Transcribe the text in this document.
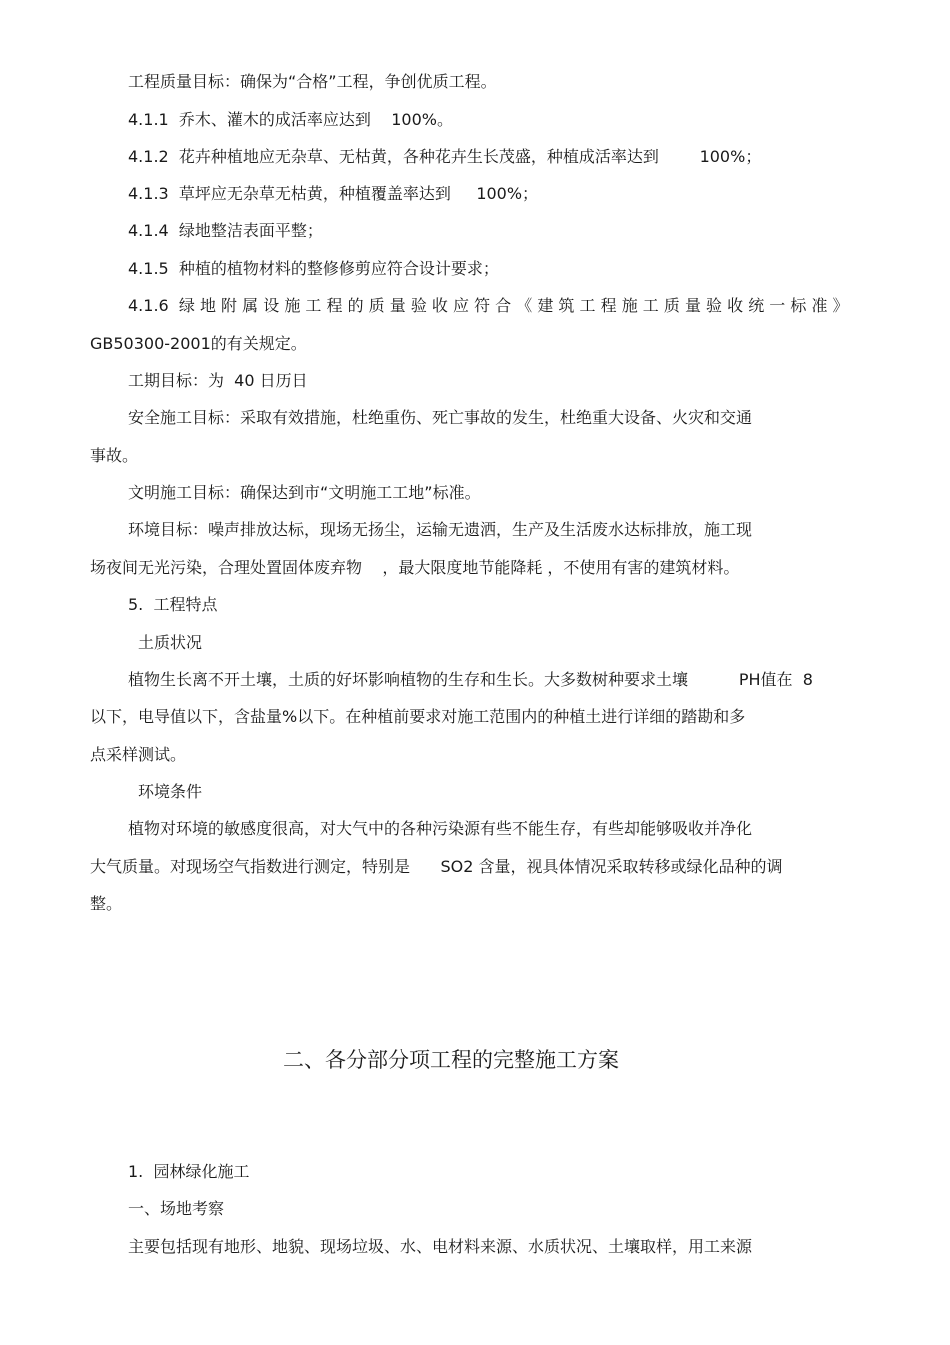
工程质量目标：确保为“合格”工程，争创优质工程。
4.1.1  乔木、灌木的成活率应达到    100%。
4.1.2  花卉种植地应无杂草、无枯黄，各种花卉生长茂盛，种植成活率达到        100%；
4.1.3  草坪应无杂草无枯黄，种植覆盖率达到     100%；
4.1.4  绿地整洁表面平整；
4.1.5  种植的植物材料的整修修剪应符合设计要求；
4.1.6  绿 地 附 属 设 施 工 程 的 质 量 验 收 应 符 合 《 建 筑 工 程 施 工 质 量 验 收 统 一 标 准 》
GB50300-2001的有关规定。
工期目标：为  40 日历日
安全施工目标：采取有效措施，杜绝重伤、死亡事故的发生，杜绝重大设备、火灾和交通
事故。
文明施工目标：确保达到市“文明施工工地”标准。
环境目标：噪声排放达标，现场无扬尘，运输无遗洒，生产及生活废水达标排放，施工现
场夜间无光污染，合理处置固体废弃物    ，最大限度地节能降耗 ，不使用有害的建筑材料。
5.  工程特点
土质状况
植物生长离不开土壤，土质的好坏影响植物的生存和生长。大多数树种要求土壤          PH值在  8
以下，电导值以下，含盐量%以下。在种植前要求对施工范围内的种植土进行详细的踏勘和多
点采样测试。
环境条件
植物对环境的敏感度很高，对大气中的各种污染源有些不能生存，有些却能够吸收并净化
大气质量。对现场空气指数进行测定，特别是      SO2 含量，视具体情况采取转移或绿化品种的调
整。
二、各分部分项工程的完整施工方案
1.  园林绿化施工
一、场地考察
主要包括现有地形、地貌、现场垃圾、水、电材料来源、水质状况、土壤取样，用工来源
